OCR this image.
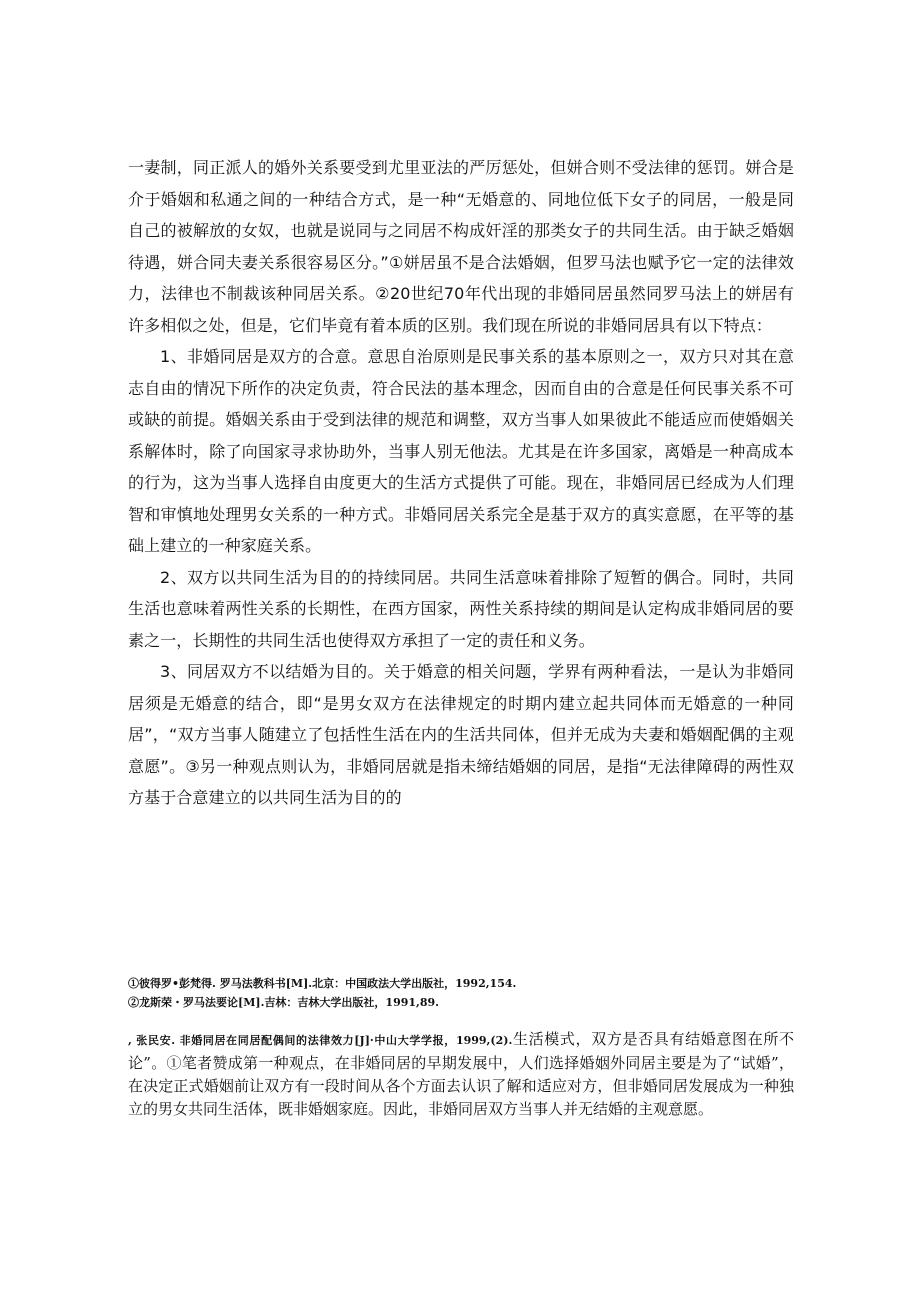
一妻制，同正派人的婚外关系要受到尤里亚法的严厉惩处，但姘合则不受法律的惩罚。姘合是介于婚姻和私通之间的一种结合方式，是一种“无婚意的、同地位低下女子的同居，一般是同自己的被解放的女奴，也就是说同与之同居不构成奸淫的那类女子的共同生活。由于缺乏婚姻待遇，姘合同夫妻关系很容易区分。”①姘居虽不是合法婚姻，但罗马法也赋予它一定的法律效力，法律也不制裁该种同居关系。②20世纪70年代出现的非婚同居虽然同罗马法上的姘居有许多相似之处，但是，它们毕竟有着本质的区别。我们现在所说的非婚同居具有以下特点：

1、非婚同居是双方的合意。意思自治原则是民事关系的基本原则之一，双方只对其在意志自由的情况下所作的决定负责，符合民法的基本理念，因而自由的合意是任何民事关系不可或缺的前提。婚姻关系由于受到法律的规范和调整，双方当事人如果彼此不能适应而使婚姻关系解体时，除了向国家寻求协助外，当事人别无他法。尤其是在许多国家，离婚是一种高成本的行为，这为当事人选择自由度更大的生活方式提供了可能。现在，非婚同居已经成为人们理智和审慎地处理男女关系的一种方式。非婚同居关系完全是基于双方的真实意愿，在平等的基础上建立的一种家庭关系。

2、双方以共同生活为目的的持续同居。共同生活意味着排除了短暂的偶合。同时，共同生活也意味着两性关系的长期性，在西方国家，两性关系持续的期间是认定构成非婚同居的要素之一，长期性的共同生活也使得双方承担了一定的责任和义务。

3、同居双方不以结婚为目的。关于婚意的相关问题，学界有两种看法，一是认为非婚同居须是无婚意的结合，即“是男女双方在法律规定的时期内建立起共同体而无婚意的一种同居”，“双方当事人随建立了包括性生活在内的生活共同体，但并无成为夫妻和婚姻配偶的主观意愿”。③另一种观点则认为，非婚同居就是指未缔结婚姻的同居，是指“无法律障碍的两性双方基于合意建立的以共同生活为目的的

①彼得罗•彭梵得. 罗马法教科书[M].北京：中国政法大学出版社，1992,154.

②龙斯荣・罗马法要论[M].吉林：吉林大学出版社，1991,89.

, 张民安. 非婚同居在同居配偶间的法律效力[J]·中山大学学报，1999,(2).生活模式，双方是否具有结婚意图在所不论”。①笔者赞成第一种观点，在非婚同居的早期发展中，人们选择婚姻外同居主要是为了“试婚”，在决定正式婚姻前让双方有一段时间从各个方面去认识了解和适应对方，但非婚同居发展成为一种独立的男女共同生活体，既非婚姻家庭。因此，非婚同居双方当事人并无结婚的主观意愿。
